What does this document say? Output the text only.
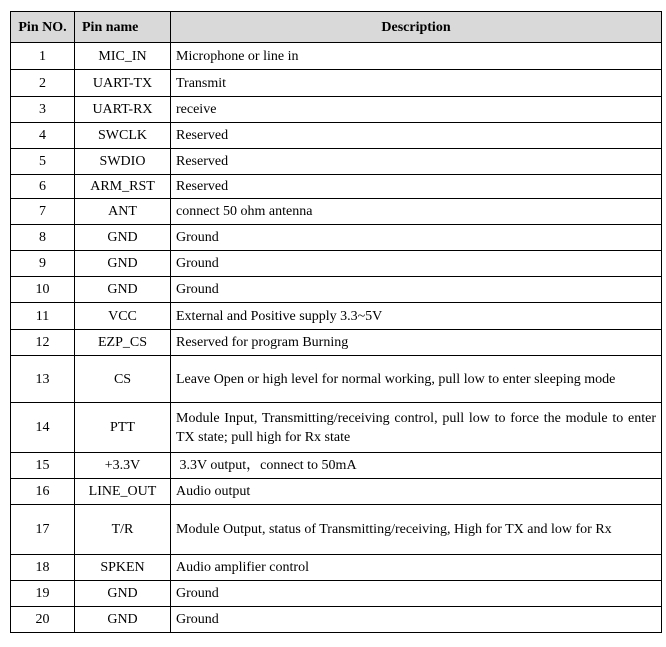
Pin NO.	Pin name	Description
1	MIC_IN	Microphone or line in
2	UART-TX	Transmit
3	UART-RX	receive
4	SWCLK	Reserved
5	SWDIO	Reserved
6	ARM_RST	Reserved
7	ANT	connect 50 ohm antenna
8	GND	Ground
9	GND	Ground
10	GND	Ground
11	VCC	External and Positive supply 3.3~5V
12	EZP_CS	Reserved for program Burning
13	CS	Leave Open or high level for normal working, pull low to enter sleeping mode
14	PTT	Module Input, Transmitting/receiving control, pull low to force the module to enter TX state; pull high for Rx state
15	+3.3V	3.3V output，connect to 50mA
16	LINE_OUT	Audio output
17	T/R	Module Output, status of Transmitting/receiving, High for TX and low for Rx
18	SPKEN	Audio amplifier control
19	GND	Ground
20	GND	Ground
